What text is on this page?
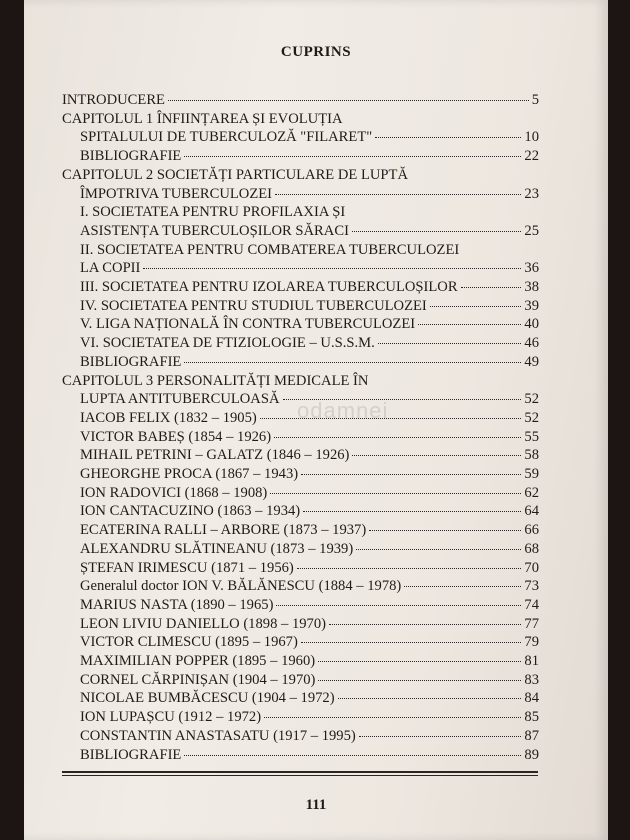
CUPRINS
INTRODUCERE	5
CAPITOLUL 1 ÎNFIINȚAREA ȘI EVOLUȚIA
SPITALULUI DE TUBERCULOZĂ "FILARET"	10
BIBLIOGRAFIE	22
CAPITOLUL 2 SOCIETĂȚI PARTICULARE DE LUPTĂ
ÎMPOTRIVA TUBERCULOZEI	23
I. SOCIETATEA PENTRU PROFILAXIA ȘI
ASISTENȚA TUBERCULOȘILOR SĂRACI	25
II. SOCIETATEA PENTRU COMBATEREA TUBERCULOZEI
LA COPII	36
III. SOCIETATEA PENTRU IZOLAREA TUBERCULOȘILOR	38
IV. SOCIETATEA PENTRU STUDIUL TUBERCULOZEI	39
V. LIGA NAȚIONALĂ ÎN CONTRA TUBERCULOZEI	40
VI. SOCIETATEA DE FTIZIOLOGIE – U.S.S.M.	46
BIBLIOGRAFIE	49
CAPITOLUL 3 PERSONALITĂȚI MEDICALE ÎN
LUPTA ANTITUBERCULOASĂ	52
IACOB FELIX (1832 – 1905)	52
VICTOR BABEȘ (1854 – 1926)	55
MIHAIL PETRINI – GALATZ (1846 – 1926)	58
GHEORGHE PROCA (1867 – 1943)	59
ION RADOVICI (1868 – 1908)	62
ION CANTACUZINO (1863 – 1934)	64
ECATERINA RALLI – ARBORE (1873 – 1937)	66
ALEXANDRU SLĂTINEANU (1873 – 1939)	68
ȘTEFAN IRIMESCU (1871 – 1956)	70
Generalul doctor ION V. BĂLĂNESCU (1884 – 1978)	73
MARIUS NASTA (1890 – 1965)	74
LEON LIVIU DANIELLO (1898 – 1970)	77
VICTOR CLIMESCU (1895 – 1967)	79
MAXIMILIAN POPPER (1895 – 1960)	81
CORNEL CĂRPINIȘAN (1904 – 1970)	83
NICOLAE BUMBĂCESCU (1904 – 1972)	84
ION LUPAȘCU (1912 – 1972)	85
CONSTANTIN ANASTASATU (1917 – 1995)	87
BIBLIOGRAFIE	89
odamnei
111
